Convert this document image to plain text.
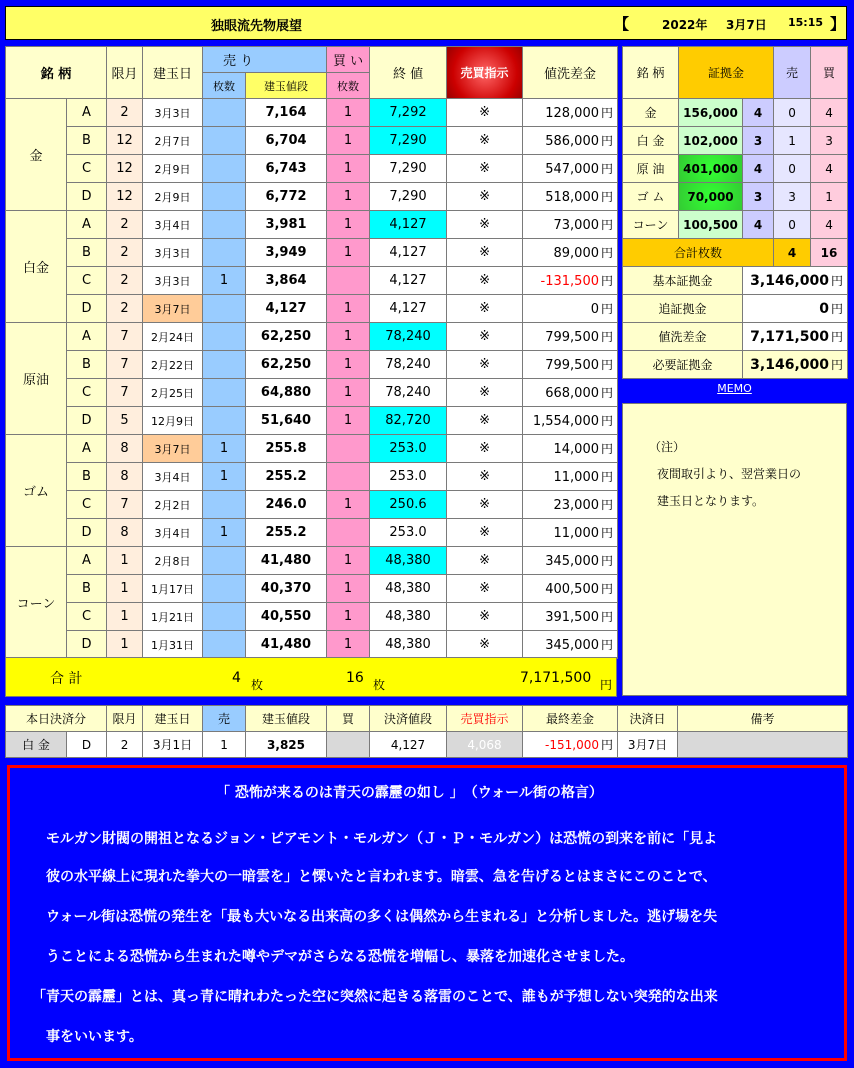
独眼流先物展望	【	2022年 3月7日 15:15 】
銘 柄		限月	建玉日	売 り		買 い	終 値	売買指示	値洗差金
				枚数	建玉値段	枚数			
金	A	2	3月3日		7,164	1	7,292	※	128,000 円
	B	12	2月7日		6,704	1	7,290	※	586,000 円
	C	12	2月9日		6,743	1	7,290	※	547,000 円
	D	12	2月9日		6,772	1	7,290	※	518,000 円
白金	A	2	3月4日		3,981	1	4,127	※	73,000 円
	B	2	3月3日		3,949	1	4,127	※	89,000 円
	C	2	3月3日	1	3,864		4,127	※	-131,500 円
	D	2	3月7日		4,127	1	4,127	※	0 円
原油	A	7	2月24日		62,250	1	78,240	※	799,500 円
	B	7	2月22日		62,250	1	78,240	※	799,500 円
	C	7	2月25日		64,880	1	78,240	※	668,000 円
	D	5	12月9日		51,640	1	82,720	※	1,554,000 円
ゴム	A	8	3月7日	1	255.8		253.0	※	14,000 円
	B	8	3月4日	1	255.2		253.0	※	11,000 円
	C	7	2月2日		246.0	1	250.6	※	23,000 円
	D	8	3月4日	1	255.2		253.0	※	11,000 円
コーン	A	1	2月8日		41,480	1	48,380	※	345,000 円
	B	1	1月17日		40,370	1	48,380	※	400,500 円
	C	1	1月21日		40,550	1	48,380	※	391,500 円
	D	1	1月31日		41,480	1	48,380	※	345,000 円
合 計	4 枚	16 枚	7,171,500 円
銘 柄	証拠金		売	買
金	156,000	4	0	4
白 金	102,000	3	1	3
原 油	401,000	4	0	4
ゴ ム	70,000	3	3	1
コーン	100,500	4	0	4
合計枚数			4	16
基本証拠金		3,146,000 円		
追証拠金		0 円		
値洗差金		7,171,500 円		
必要証拠金		3,146,000 円		
MEMO
（注）
夜間取引より、翌営業日の
建玉日となります。
本日決済分		限月	建玉日	売	建玉値段	買	決済値段	売買指示	最終差金	決済日	備考
白 金	D	2	3月1日	1	3,825		4,127	4,068	-151,000 円	3月7日	

「 恐怖が来るのは青天の霹靂の如し 」　（ウォール街の格言）

モルガン財閥の開祖となるジョン・ピアモント・モルガン（Ｊ・Ｐ・モルガン）は恐慌の到来を前に「見よ

彼の水平線上に現れた拳大の一暗雲を」と慄いたと言われます。暗雲、急を告げるとはまさにこのことで、

ウォール街は恐慌の発生を「最も大いなる出来高の多くは偶然から生まれる」と分析しました。逃げ場を失

うことによる恐慌から生まれた噂やデマがさらなる恐慌を増幅し、暴落を加速化させました。

「青天の霹靂」とは、真っ青に晴れわたった空に突然に起きる落雷のことで、誰もが予想しない突発的な出来

事をいいます。
